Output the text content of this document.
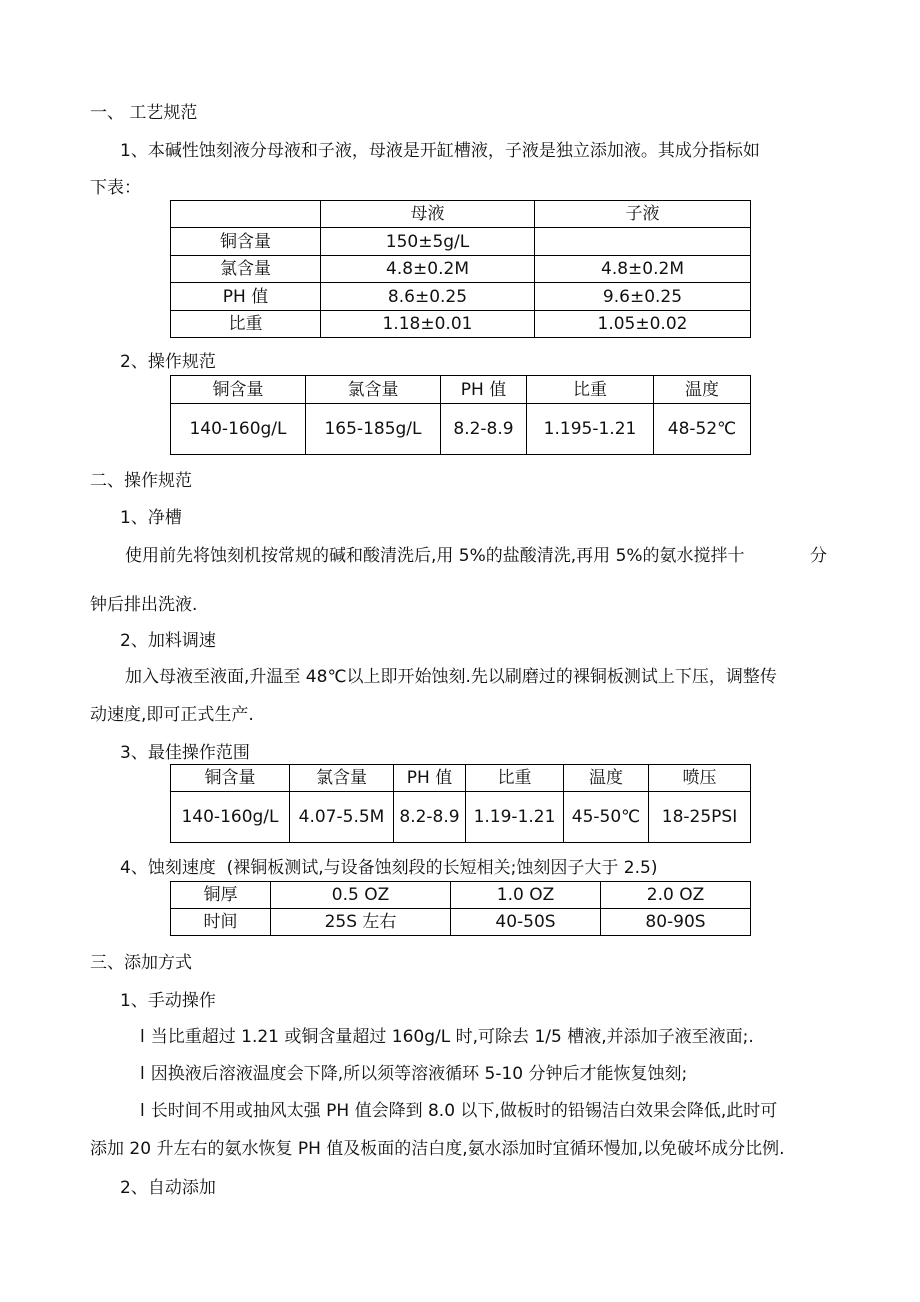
一、 工艺规范
1、本碱性蚀刻液分母液和子液，母液是开缸槽液，子液是独立添加液。其成分指标如
下表：
	母液	子液
铜含量	150±5g/L	
氯含量	4.8±0.2M	4.8±0.2M
PH 值	8.6±0.25	9.6±0.25
比重	1.18±0.01	1.05±0.02
2、操作规范
铜含量	氯含量	PH 值	比重	温度
140-160g/L	165-185g/L	8.2-8.9	1.195-1.21	48-52℃
二、操作规范
1、净槽
使用前先将蚀刻机按常规的碱和酸清洗后,用 5%的盐酸清洗,再用 5%的氨水搅拌十	分
钟后排出洗液.
2、加料调速
加入母液至液面,升温至 48℃以上即开始蚀刻.先以刷磨过的裸铜板测试上下压，调整传
动速度,即可正式生产.
3、最佳操作范围
铜含量	氯含量	PH 值	比重	温度	喷压
140-160g/L	4.07-5.5M	8.2-8.9	1.19-1.21	45-50℃	18-25PSI
4、蚀刻速度  (裸铜板测试,与设备蚀刻段的长短相关;蚀刻因子大于 2.5)
铜厚	0.5 OZ	1.0 OZ	2.0 OZ
时间	25S 左右	40-50S	80-90S
三、添加方式
1、手动操作
l 当比重超过 1.21 或铜含量超过 160g/L 时,可除去 1/5 槽液,并添加子液至液面;.
l 因换液后溶液温度会下降,所以须等溶液循环 5-10 分钟后才能恢复蚀刻;
l 长时间不用或抽风太强 PH 值会降到 8.0 以下,做板时的铅锡洁白效果会降低,此时可
添加 20 升左右的氨水恢复 PH 值及板面的洁白度,氨水添加时宜循环慢加,以免破坏成分比例.
2、自动添加
